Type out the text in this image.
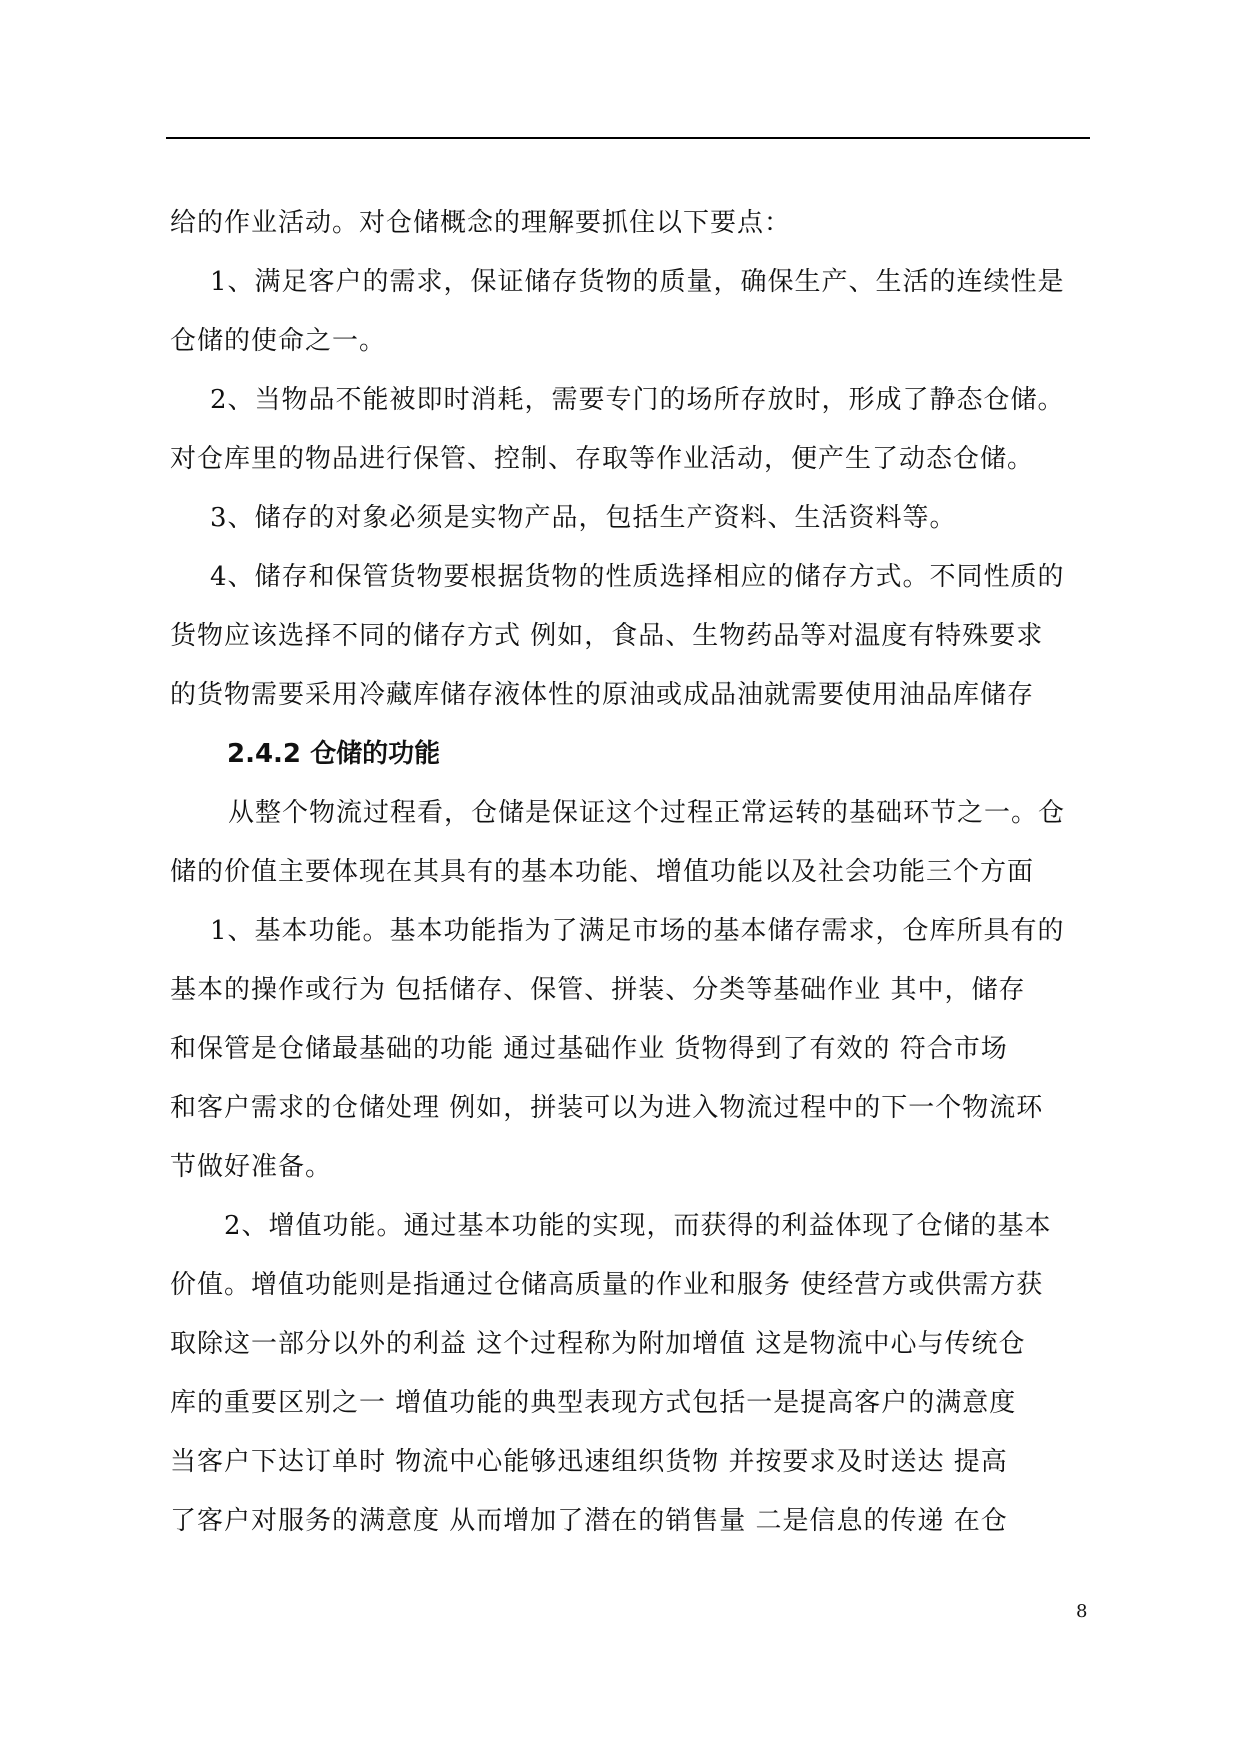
给的作业活动。对仓储概念的理解要抓住以下要点：
1、满足客户的需求，保证储存货物的质量，确保生产、生活的连续性是
仓储的使命之一。
2、当物品不能被即时消耗，需要专门的场所存放时，形成了静态仓储。
对仓库里的物品进行保管、控制、存取等作业活动，便产生了动态仓储。
3、储存的对象必须是实物产品，包括生产资料、生活资料等。
4、储存和保管货物要根据货物的性质选择相应的储存方式。不同性质的
货物应该选择不同的储存方式 例如，食品、生物药品等对温度有特殊要求
的货物需要采用冷藏库储存液体性的原油或成品油就需要使用油品库储存
2.4.2 仓储的功能
从整个物流过程看，仓储是保证这个过程正常运转的基础环节之一。仓
储的价值主要体现在其具有的基本功能、增值功能以及社会功能三个方面
1、基本功能。基本功能指为了满足市场的基本储存需求，仓库所具有的
基本的操作或行为 包括储存、保管、拼装、分类等基础作业 其中，储存
和保管是仓储最基础的功能 通过基础作业 货物得到了有效的 符合市场
和客户需求的仓储处理 例如，拼装可以为进入物流过程中的下一个物流环
节做好准备。
2、增值功能。通过基本功能的实现，而获得的利益体现了仓储的基本
价值。增值功能则是指通过仓储高质量的作业和服务 使经营方或供需方获
取除这一部分以外的利益 这个过程称为附加增值 这是物流中心与传统仓
库的重要区别之一 增值功能的典型表现方式包括一是提高客户的满意度
当客户下达订单时 物流中心能够迅速组织货物 并按要求及时送达 提高
了客户对服务的满意度 从而增加了潜在的销售量 二是信息的传递 在仓
8
